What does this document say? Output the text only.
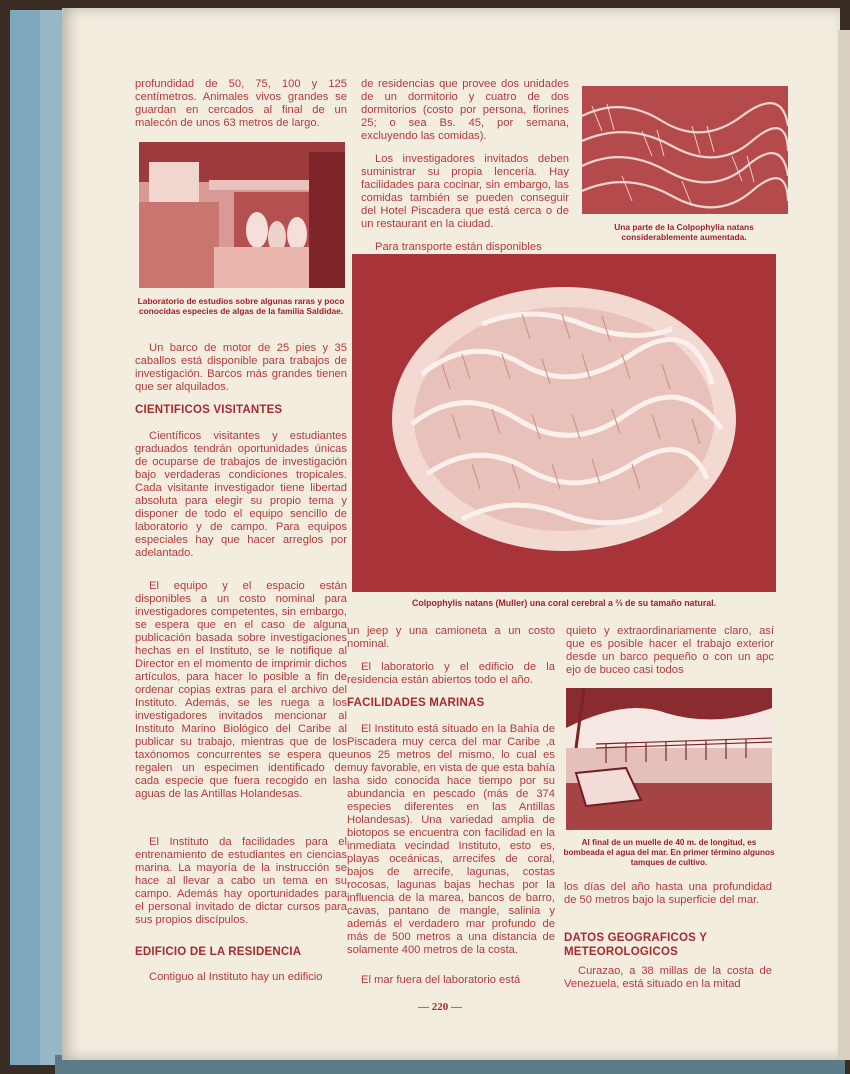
profundidad de 50, 75, 100 y 125 centímetros. Animales vivos grandes se guardan en cercados al final de un malecón de unos 63 metros de largo.

Laboratorio de estudios sobre algunas raras y poco conocidas especies de algas de la familia Saldidae.

Un barco de motor de 25 pies y 35 caballos está disponible para trabajos de investigación. Barcos más grandes tienen que ser alquilados.

CIENTIFICOS VISITANTES

Científicos visitantes y estudiantes graduados tendrán oportunidades únicas de ocuparse de trabajos de investigación bajo verdaderas condiciones tropicales. Cada visitante investigador tiene libertad absoluta para elegir su propio tema y disponer de todo el equipo sencillo de laboratorio y de campo. Para equipos especiales hay que hacer arreglos por adelantado.

El equipo y el espacio están disponibles a un costo nominal para investigadores competentes, sin embargo, se espera que en el caso de alguna publicación basada sobre investigaciones hechas en el Instituto, se le notifique al Director en el momento de imprimir dichos artículos, para hacer lo posible a fin de ordenar copias extras para el archivo del Instituto. Además, se les ruega a los investigadores invitados mencionar al Instituto Marino Biológico del Caribe al publicar su trabajo, mientras que de los taxónomos concurrentes se espera que regalen un especimen identificado de cada especie que fuera recogido en las aguas de las Antillas Holandesas.

El Instituto da facilidades para el entrenamiento de estudiantes en ciencias marina. La mayoría de la instrucción se hace al llevar a cabo un tema en su campo. Además hay oportunidades para el personal invitado de dictar cursos para sus propios discípulos.

EDIFICIO DE LA RESIDENCIA

Contiguo al Instituto hay un edificio

de residencias que provee dos unidades de un dormitorio y cuatro de dos dormitorios (costo por persona, florines 25; o sea Bs. 45, por semana, excluyendo las comidas).

Los investigadores invitados deben suministrar su propia lencería. Hay facilidades para cocinar, sin embargo, las comidas también se pueden conseguir del Hotel Piscadera que está cerca o de un restaurant en la ciudad.

Para transporte están disponibles

Una parte de la Colpophylia natans considerablemente aumentada.
Colpophylis natans (Muller) una coral cerebral a ⅔ de su tamaño natural.

un jeep y una camioneta a un costo nominal.

El laboratorio y el edificio de la residencia están abiertos todo el año.

FACILIDADES MARINAS

El Instituto está situado en la Bahía de Piscadera muy cerca del mar Caribe ,a unos 25 metros del mismo, lo cual es muy favorable, en vista de que esta bahía ha sido conocida hace tiempo por su abundancia en pescado (más de 374 especies diferentes en las Antillas Holandesas). Una variedad amplia de biotopos se encuentra con facilidad en la inmediata vecindad Instituto, esto es, playas oceánicas, arrecifes de coral, bajos de arrecife, lagunas, costas rocosas, lagunas bajas hechas por la influencia de la marea, bancos de barro, cavas, pantano de mangle, salinia y además el verdadero mar profundo de más de 500 metros a una distancia de solamente 400 metros de la costa.

El mar fuera del laboratorio está

quieto y extraordinariamente claro, así que es posible hacer el trabajo exterior desde un barco pequeño o con un apc ejo de buceo casi todos

Al final de un muelle de 40 m. de longitud, es bombeada el agua del mar. En primer término algunos tamques de cultivo.

los días del año hasta una profundidad de 50 metros bajo la superficie del mar.

DATOS GEOGRAFICOS Y METEOROLOGICOS

Curazao, a 38 millas de la costa de Venezuela, está situado en la mitad

— 220 —
